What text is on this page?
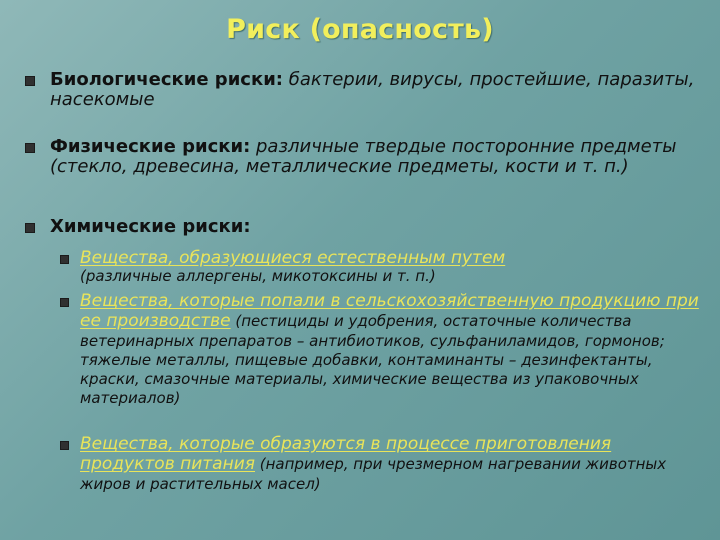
Риск (опасность)
Биологические риски: бактерии, вирусы, простейшие, паразиты, насекомые
Физические риски: различные твердые посторонние предметы (стекло, древесина, металлические предметы, кости и т. п.)
Химические риски:
Вещества, образующиеся естественным путем
(различные аллергены, микотоксины и т. п.)
Вещества, которые попали в сельскохозяйственную продукцию при ее производстве (пестициды и удобрения, остаточные количества ветеринарных препаратов – антибиотиков, сульфаниламидов, гормонов; тяжелые металлы, пищевые добавки, контаминанты – дезинфектанты, краски, смазочные материалы, химические вещества из упаковочных материалов)
Вещества, которые образуются в процессе приготовления продуктов питания (например, при чрезмерном нагревании животных жиров и растительных масел)
